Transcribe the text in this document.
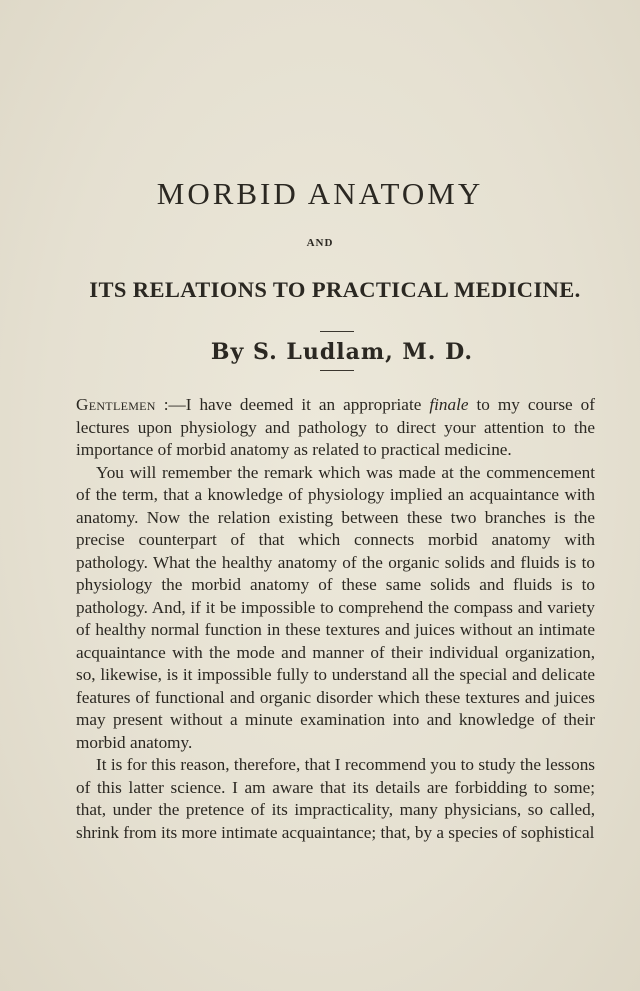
MORBID ANATOMY
AND
ITS RELATIONS TO PRACTICAL MEDICINE.
By S. Ludlam, M. D.

Gentlemen :—I have deemed it an appropriate finale to my course of lectures upon physiology and pathology to direct your attention to the importance of morbid anatomy as related to practical medicine.

You will remember the remark which was made at the commencement of the term, that a knowledge of physiology implied an acquaintance with anatomy. Now the relation existing between these two branches is the precise counterpart of that which connects morbid anatomy with pathology. What the healthy anatomy of the organic solids and fluids is to physiology the morbid anatomy of these same solids and fluids is to pathology. And, if it be impossible to comprehend the compass and variety of healthy normal function in these textures and juices without an intimate acquaintance with the mode and manner of their individual organization, so, likewise, is it impossible fully to understand all the special and delicate features of functional and organic disorder which these textures and juices may present without a minute examination into and knowledge of their morbid anatomy.

It is for this reason, therefore, that I recommend you to study the lessons of this latter science. I am aware that its details are forbidding to some; that, under the pretence of its impracticality, many physicians, so called, shrink from its more intimate acquaintance; that, by a species of sophistical
